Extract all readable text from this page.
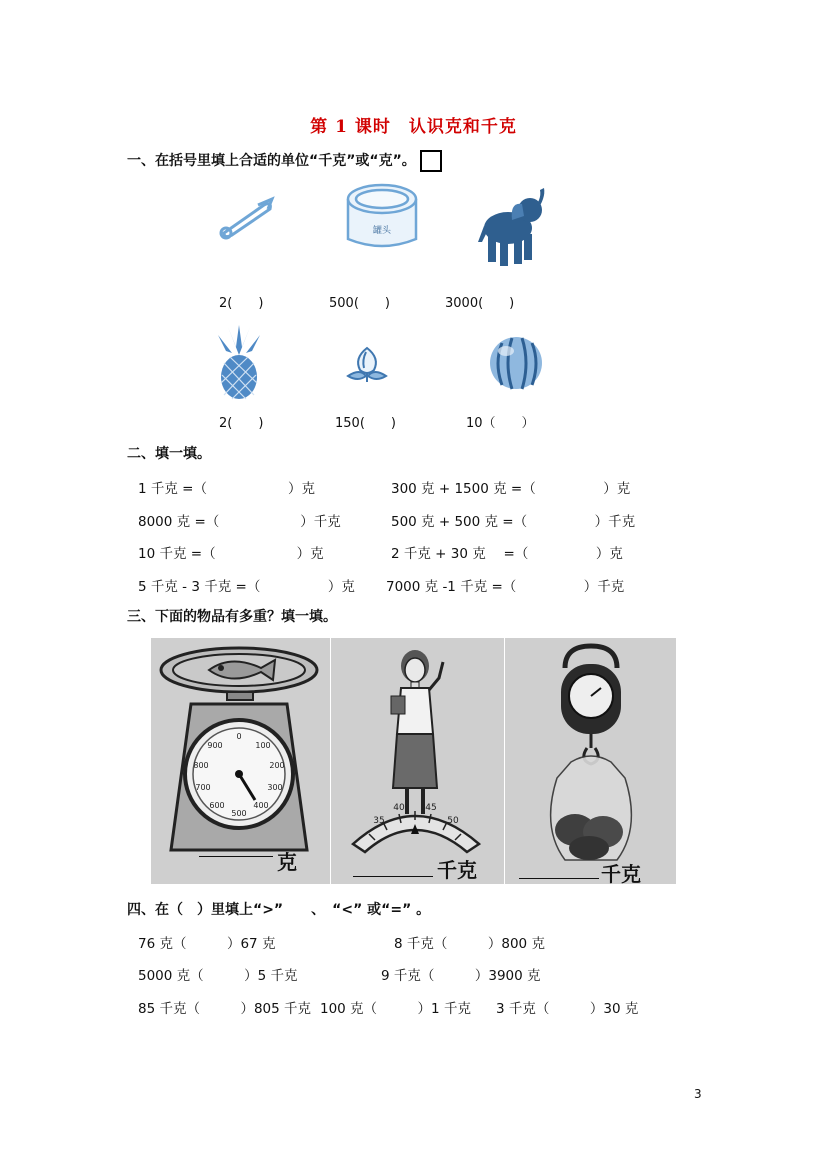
第 1 课时　认识克和千克
一、在括号里填上合适的单位“千克”或“克”。
罐头
2(　　)	500(　　)	3000(　　)
2(　　)	150(　　)	10（　　）
二、填一填。
1 千克 =（　　　　　　）克	300 克 + 1500 克 =（　　　　　）克
8000 克 =（　　　　　　）千克	500 克 + 500 克 =（　　　　　）千克
10 千克 =（　　　　　　）克	2 千克 + 30 克　 =（　　　　　）克
5 千克 - 3 千克 =（　　　　　）克 7000 克 -1 千克 =（　　　　　）千克
三、下面的物品有多重？填一填。
0
100
200
300
400
500
600
700
800
900
克
35
40 45
50
千克	千克
四、在（　）里填上“>”　　、　“<” 或“=” 。
76 克（　　　）67 克	8 千克（　　　）800 克
5000 克（　　　）5 千克	9 千克（　　　）3900 克
85 千克（　　　）805 千克 100 克（　　　）1 千克 3 千克（　　　）30 克
3
